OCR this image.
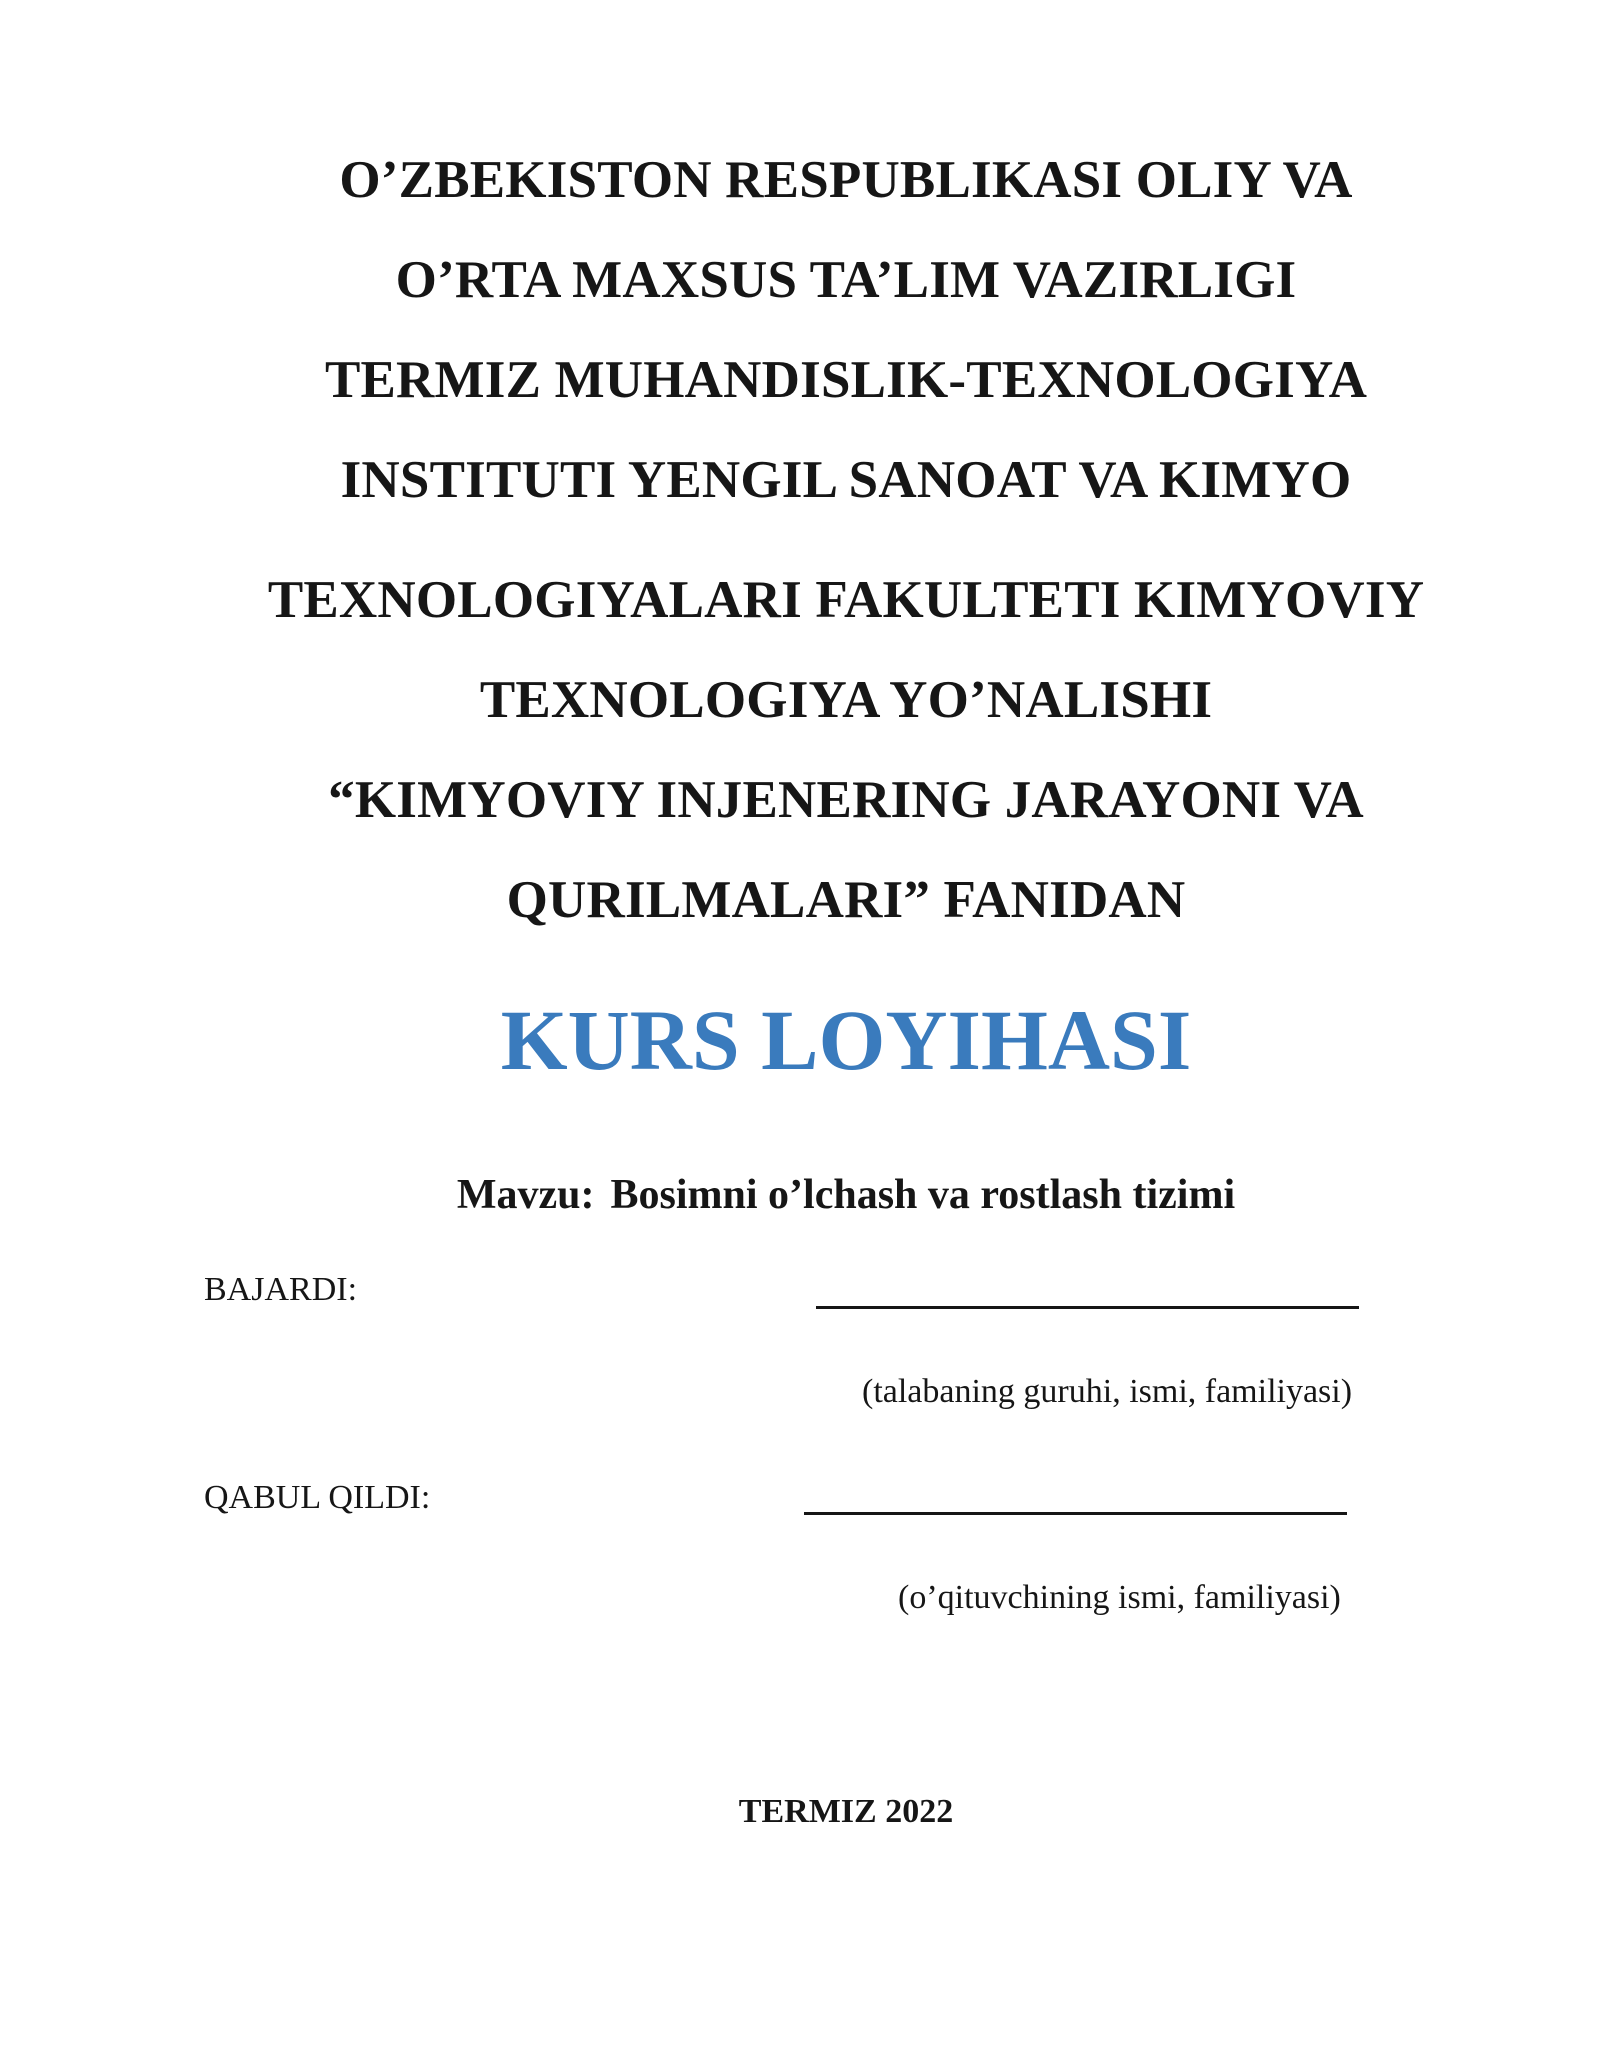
O’ZBEKISTON RESPUBLIKASI OLIY VA
O’RTA MAXSUS TA’LIM VAZIRLIGI
TERMIZ MUHANDISLIK-TEXNOLOGIYA
INSTITUTI YENGIL SANOAT VA KIMYO
TEXNOLOGIYALARI FAKULTETI KIMYOVIY
TEXNOLOGIYA YO’NALISHI
“KIMYOVIY INJENERING JARAYONI VA
QURILMALARI” FANIDAN
KURS LOYIHASI
Mavzu: Bosimni o’lchash va rostlash tizimi
BAJARDI:
(talabaning guruhi, ismi, familiyasi)
QABUL QILDI:
(o’qituvchining ismi, familiyasi)
TERMIZ 2022
